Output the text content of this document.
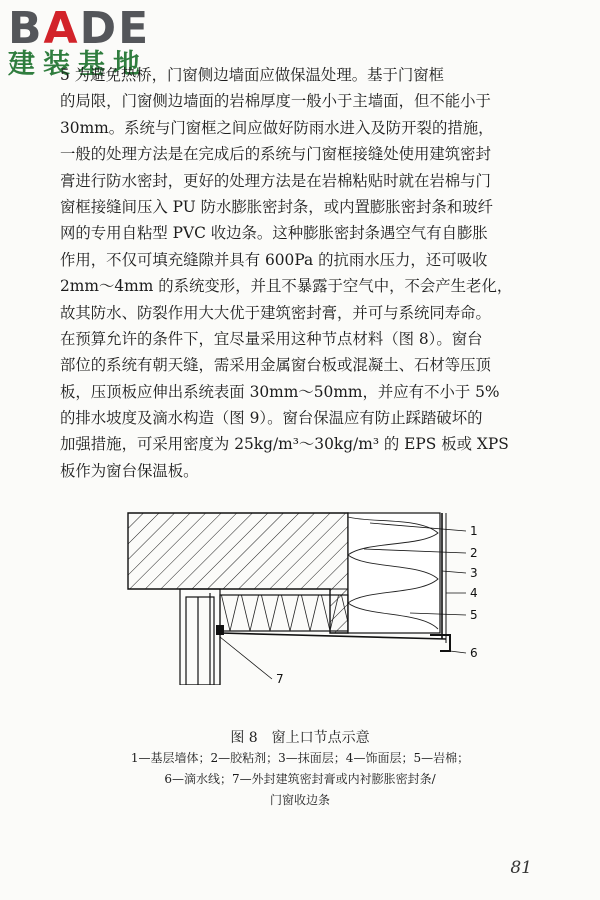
BADE
建装基地

5 为避免热桥，门窗侧边墙面应做保温处理。基于门窗框
的局限，门窗侧边墙面的岩棉厚度一般小于主墙面，但不能小于
30mm。系统与门窗框之间应做好防雨水进入及防开裂的措施，
一般的处理方法是在完成后的系统与门窗框接缝处使用建筑密封
膏进行防水密封，更好的处理方法是在岩棉粘贴时就在岩棉与门
窗框接缝间压入 PU 防水膨胀密封条，或内置膨胀密封条和玻纤
网的专用自粘型 PVC 收边条。这种膨胀密封条遇空气有自膨胀
作用，不仅可填充缝隙并具有 600Pa 的抗雨水压力，还可吸收
2mm～4mm 的系统变形，并且不暴露于空气中，不会产生老化，
故其防水、防裂作用大大优于建筑密封膏，并可与系统同寿命。
在预算允许的条件下，宜尽量采用这种节点材料（图 8）。窗台
部位的系统有朝天缝，需采用金属窗台板或混凝土、石材等压顶
板，压顶板应伸出系统表面 30mm～50mm，并应有不小于 5%
的排水坡度及滴水构造（图 9）。窗台保温应有防止踩踏破坏的
加强措施，可采用密度为 25kg/m³～30kg/m³ 的 EPS 板或 XPS
板作为窗台保温板。

1
2
3
4
5
6
7
图 8　窗上口节点示意
1—基层墙体；2—胶粘剂；3—抹面层；4—饰面层；5—岩棉；
6—滴水线；7—外封建筑密封膏或内衬膨胀密封条/
门窗收边条
81
